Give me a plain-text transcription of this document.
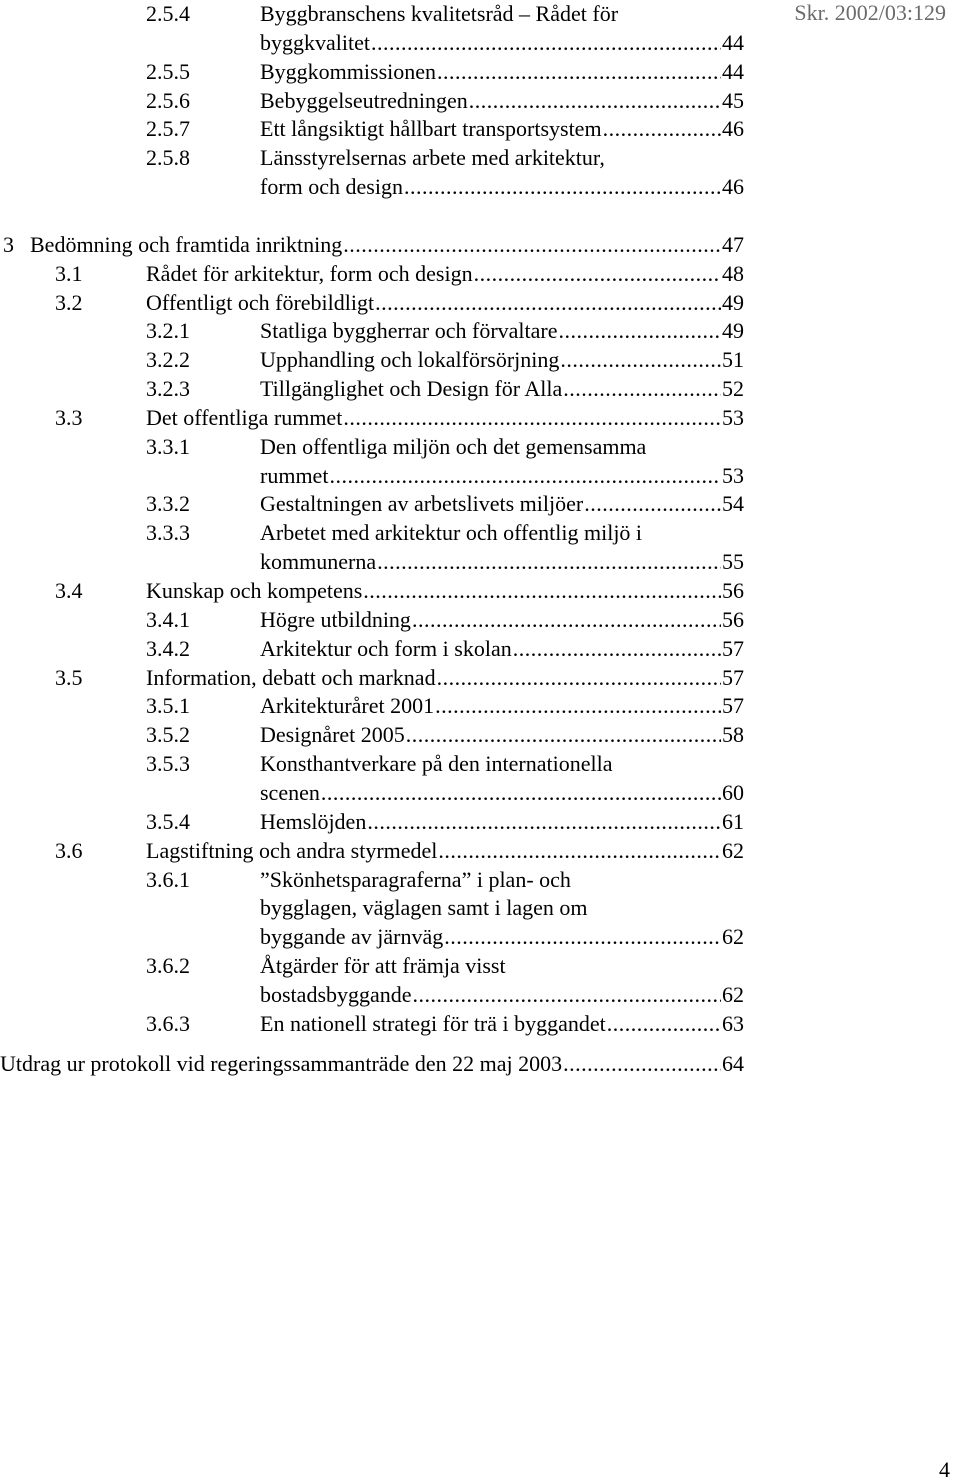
Skr. 2002/03:129
2.5.4	Byggbranschens kvalitetsråd – Rådet för
byggkvalitet .....	44
2.5.5	Byggkommissionen .....	44
2.5.6	Bebyggelseutredningen .....	45
2.5.7	Ett långsiktigt hållbart transportsystem .....	46
2.5.8	Länsstyrelsernas arbete med arkitektur,
form och design .....	46
3 Bedömning och framtida inriktning .....	47
3.1	Rådet för arkitektur, form och design .....	48
3.2	Offentligt och förebildligt .....	49
3.2.1	Statliga byggherrar och förvaltare .....	49
3.2.2	Upphandling och lokalförsörjning .....	51
3.2.3	Tillgänglighet och Design för Alla .....	52
3.3	Det offentliga rummet .....	53
3.3.1	Den offentliga miljön och det gemensamma
rummet .....	53
3.3.2	Gestaltningen av arbetslivets miljöer .....	54
3.3.3	Arbetet med arkitektur och offentlig miljö i
kommunerna .....	55
3.4	Kunskap och kompetens .....	56
3.4.1	Högre utbildning .....	56
3.4.2	Arkitektur och form i skolan .....	57
3.5	Information, debatt och marknad .....	57
3.5.1	Arkitekturåret 2001 .....	57
3.5.2	Designåret 2005 .....	58
3.5.3	Konsthantverkare på den internationella
scenen .....	60
3.5.4	Hemslöjden .....	61
3.6	Lagstiftning och andra styrmedel .....	62
3.6.1	”Skönhetsparagraferna” i plan- och
bygglagen, väglagen samt i lagen om
byggande av järnväg .....	62
3.6.2	Åtgärder för att främja visst
bostadsbyggande .....	62
3.6.3	En nationell strategi för trä i byggandet .....	63
Utdrag ur protokoll vid regeringssammanträde den 22 maj 2003 .....	64
4
